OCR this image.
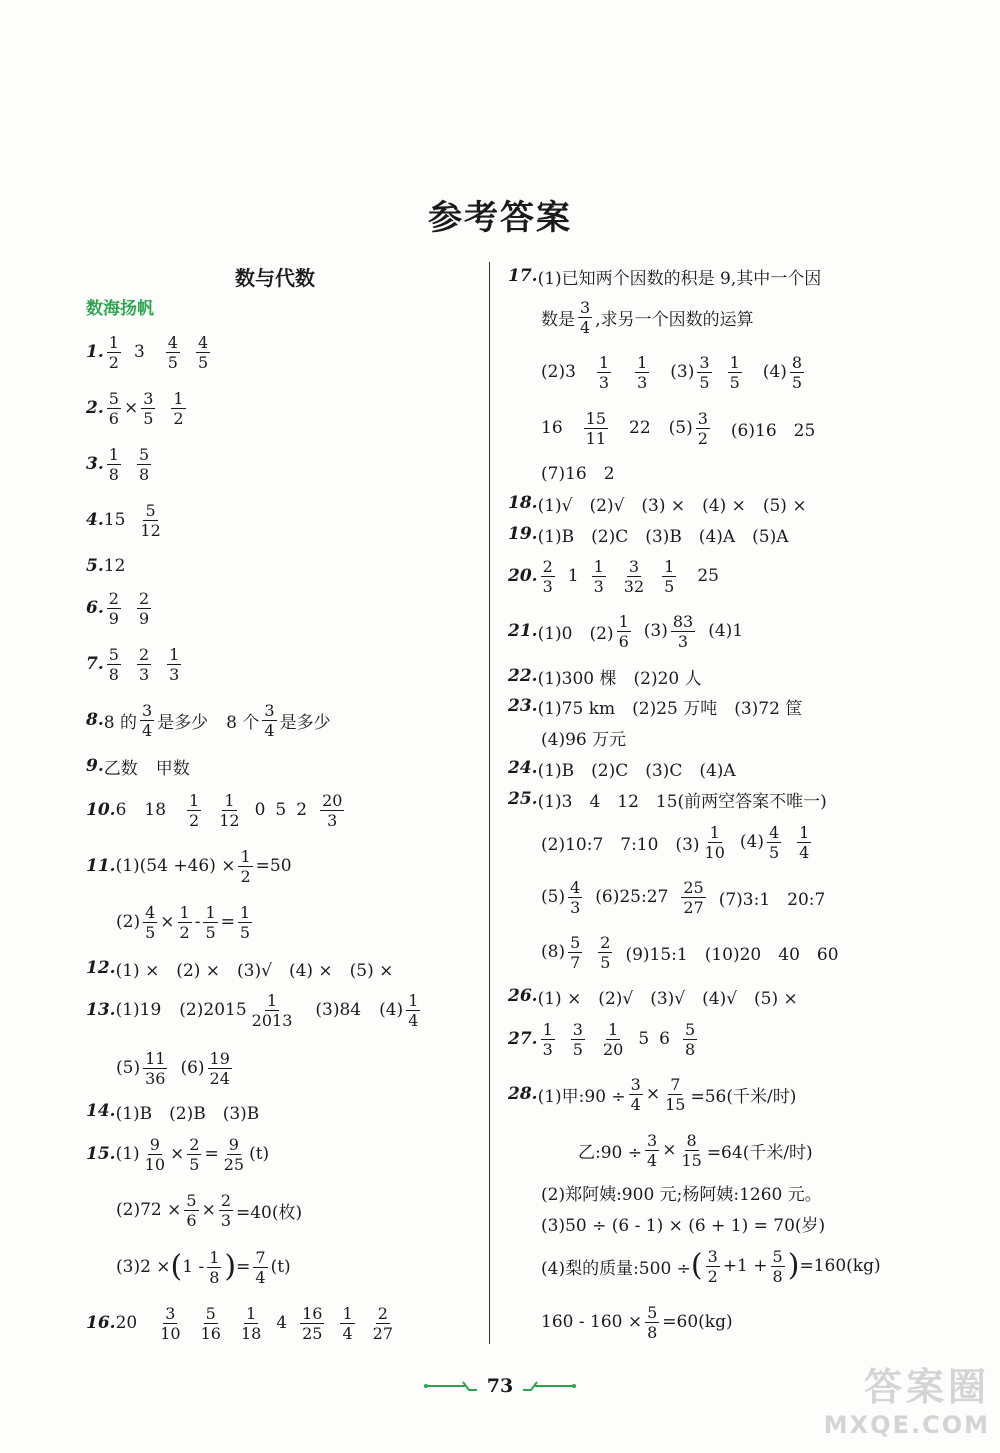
参考答案
数与代数
数海扬帆
1. $\frac{1}{2} 3 \frac{4}{5} \frac{4}{5}$
2. $\frac{5}{6} \times \frac{3}{5} \frac{1}{2}$
3. $\frac{1}{8} \frac{5}{8}$
4. $15 \frac{5}{12}$
5. 12
6. $\frac{2}{9} \frac{2}{9}$
7. $\frac{5}{8} \frac{2}{3} \frac{1}{3}$
8. 8 的 $\frac{3}{4}$ 是多少 8 个 $\frac{3}{4}$ 是多少
9. 乙数 甲数
10. 6 $18 \frac{1}{2} \frac{1}{12} 0$ 5 $2 \frac{20}{3}$
11. $(1)(54 +46) \times \frac{1}{2} =50$
$(2) \frac{4}{5} \times \frac{1}{2} - \frac{1}{5} = \frac{1}{5}$
12. (1) ×　(2) ×　(3)√　(4) ×　(5) ×
13. (1)19 $(2)2015 \frac{1}{2013} (3)84$ $(4) \frac{1}{4}$
$(5) \frac{11}{36} (6) \frac{19}{24}$
14. (1)B　(2)B　(3)B
15. $(1) \frac{9}{10} \times \frac{2}{5} = \frac{9}{25} (t)$
$(2)72 \times \frac{5}{6} \times \frac{2}{3} =40$(枚)
(3)2 × ( $1 - \frac{1}{8}$ ) = $\frac{7}{4} (t)$
16. $20 \frac{3}{10} \frac{5}{16} \frac{1}{18} 4 \frac{16}{25} \frac{1}{4} \frac{2}{27}$
17. (1)已知两个因数的积是 9,其中一个因
数是 $\frac{3}{4}$ ,求另一个因数的运算
$(2)3 \frac{1}{3} \frac{1}{3} (3) \frac{3}{5} \frac{1}{5} (4) \frac{8}{5}$
$16 \frac{15}{11} 22$ $(5) \frac{3}{2} (6)16$　25
(7)16　2
18. (1)√　(2)√　(3) ×　(4) ×　(5) ×
19. (1)B　(2)C　(3)B　(4)A　(5)A
20. $\frac{2}{3} 1 \frac{1}{3} \frac{3}{32} \frac{1}{5} 25$
21. (1)0　$(2) \frac{1}{6} (3) \frac{83}{3} (4)1$
22. (1)300 棵　(2)20 人
23. (1)75 km　(2)25 万吨　(3)72 筐
(4)96 万元
24. (1)B　(2)C　(3)C　(4)A
25. (1)3　4　12　15(前两空答案不唯一)
(2)10:7　7:10　$(3) \frac{1}{10} (4) \frac{4}{5} \frac{1}{4}$
$(5) \frac{4}{3}$ (6)25:27 $\frac{25}{27}$ (7)3:1　20:7
$(8) \frac{5}{7} \frac{2}{5}$ (9)15:1　(10)20　40　60
26. (1) ×　(2)√　(3)√　(4)√　(5) ×
27. $\frac{1}{3} \frac{3}{5} \frac{1}{20} 5$ $6 \frac{5}{8}$
28. (1)甲:90 ÷ $\frac{3}{4} \times \frac{7}{15} =56$(千米/时)
乙:90 ÷ $\frac{3}{4} \times \frac{8}{15} =64$(千米/时)
(2)郑阿姨:900 元;杨阿姨:1260 元。
(3)50 ÷ (6 - 1) × (6 + 1) = 70(岁)
(4)梨的质量:500 ÷ ( $\frac{3}{2} +1 + \frac{5}{8}$ ) =160(kg)
$160 - 160 \times \frac{5}{8} =60(kg)$
73	答案圈
MXQE.COM
